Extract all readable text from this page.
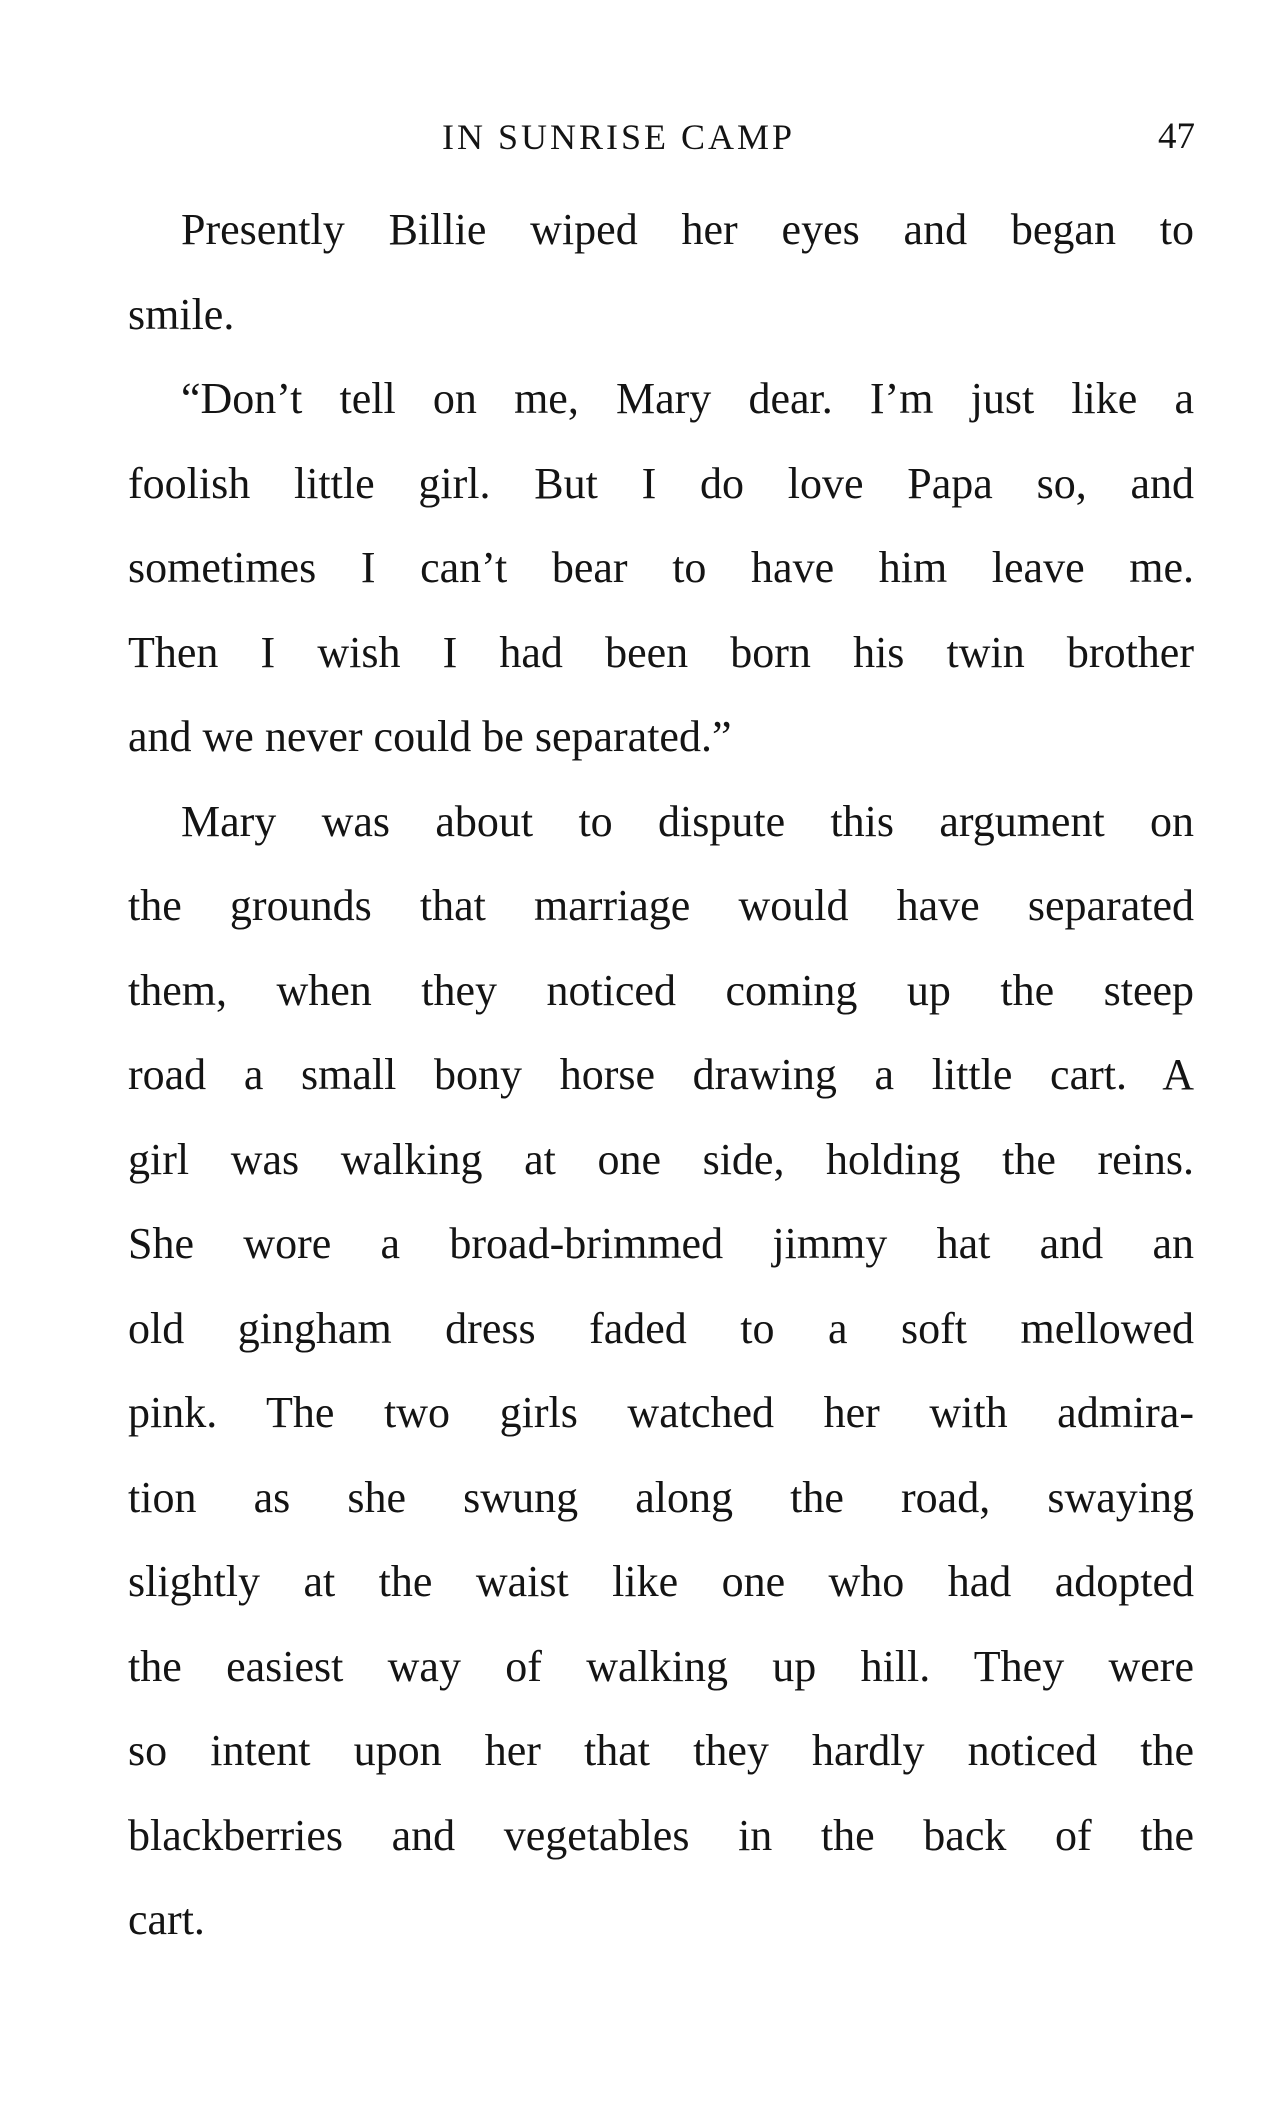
IN SUNRISE CAMP	47
Presently Billie wiped her eyes and began to
smile.
“Don’t tell on me, Mary dear. I’m just like a
foolish little girl. But I do love Papa so, and
sometimes I can’t bear to have him leave me.
Then I wish I had been born his twin brother
and we never could be separated.”
Mary was about to dispute this argument on
the grounds that marriage would have separated
them, when they noticed coming up the steep
road a small bony horse drawing a little cart. A
girl was walking at one side, holding the reins.
She wore a broad-brimmed jimmy hat and an
old gingham dress faded to a soft mellowed
pink. The two girls watched her with admira-
tion as she swung along the road, swaying
slightly at the waist like one who had adopted
the easiest way of walking up hill. They were
so intent upon her that they hardly noticed the
blackberries and vegetables in the back of the
cart.
